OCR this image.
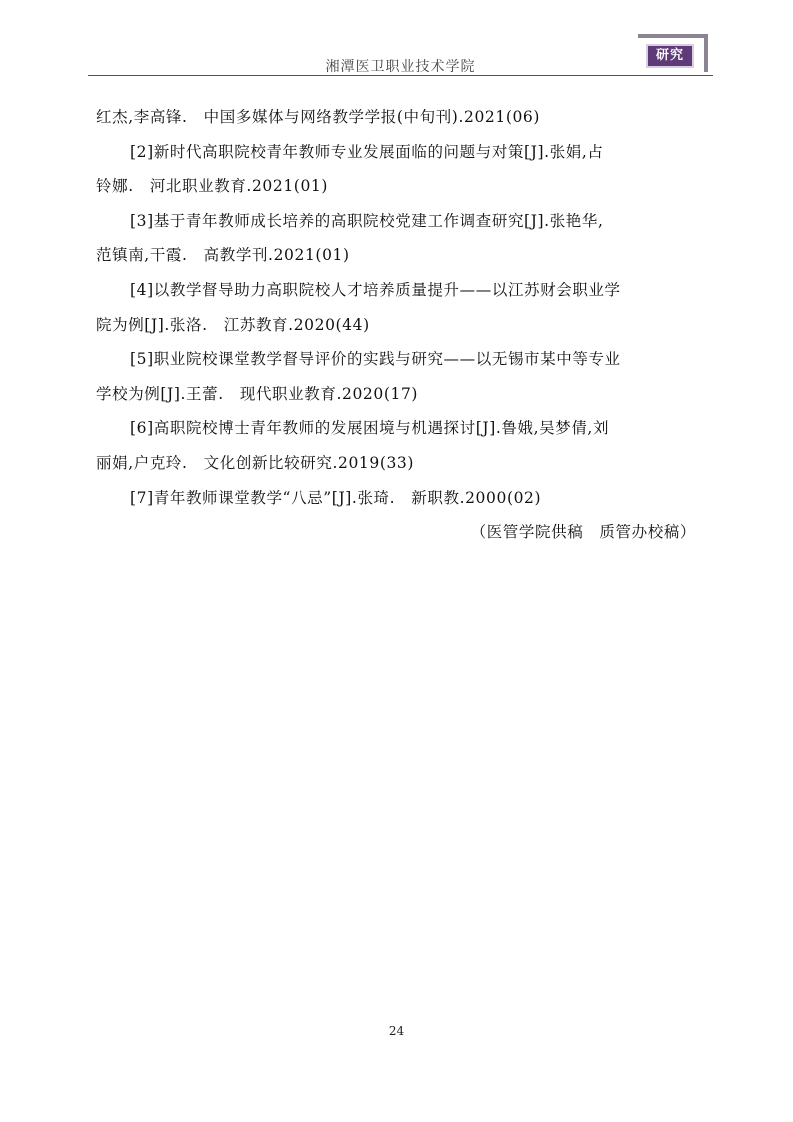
湘潭医卫职业技术学院
研究
红杰,李高锋.　中国多媒体与网络教学学报(中旬刊).2021(06)
[2]新时代高职院校青年教师专业发展面临的问题与对策[J].张娟,占
铃娜.　河北职业教育.2021(01)
[3]基于青年教师成长培养的高职院校党建工作调查研究[J].张艳华,
范镇南,干霞.　高教学刊.2021(01)
[4]以教学督导助力高职院校人才培养质量提升——以江苏财会职业学
院为例[J].张洛.　江苏教育.2020(44)
[5]职业院校课堂教学督导评价的实践与研究——以无锡市某中等专业
学校为例[J].王蕾.　现代职业教育.2020(17)
[6]高职院校博士青年教师的发展困境与机遇探讨[J].鲁娥,吴梦倩,刘
丽娟,户克玲.　文化创新比较研究.2019(33)
[7]青年教师课堂教学“八忌”[J].张琦.　新职教.2000(02)
（医管学院供稿　质管办校稿）
24
